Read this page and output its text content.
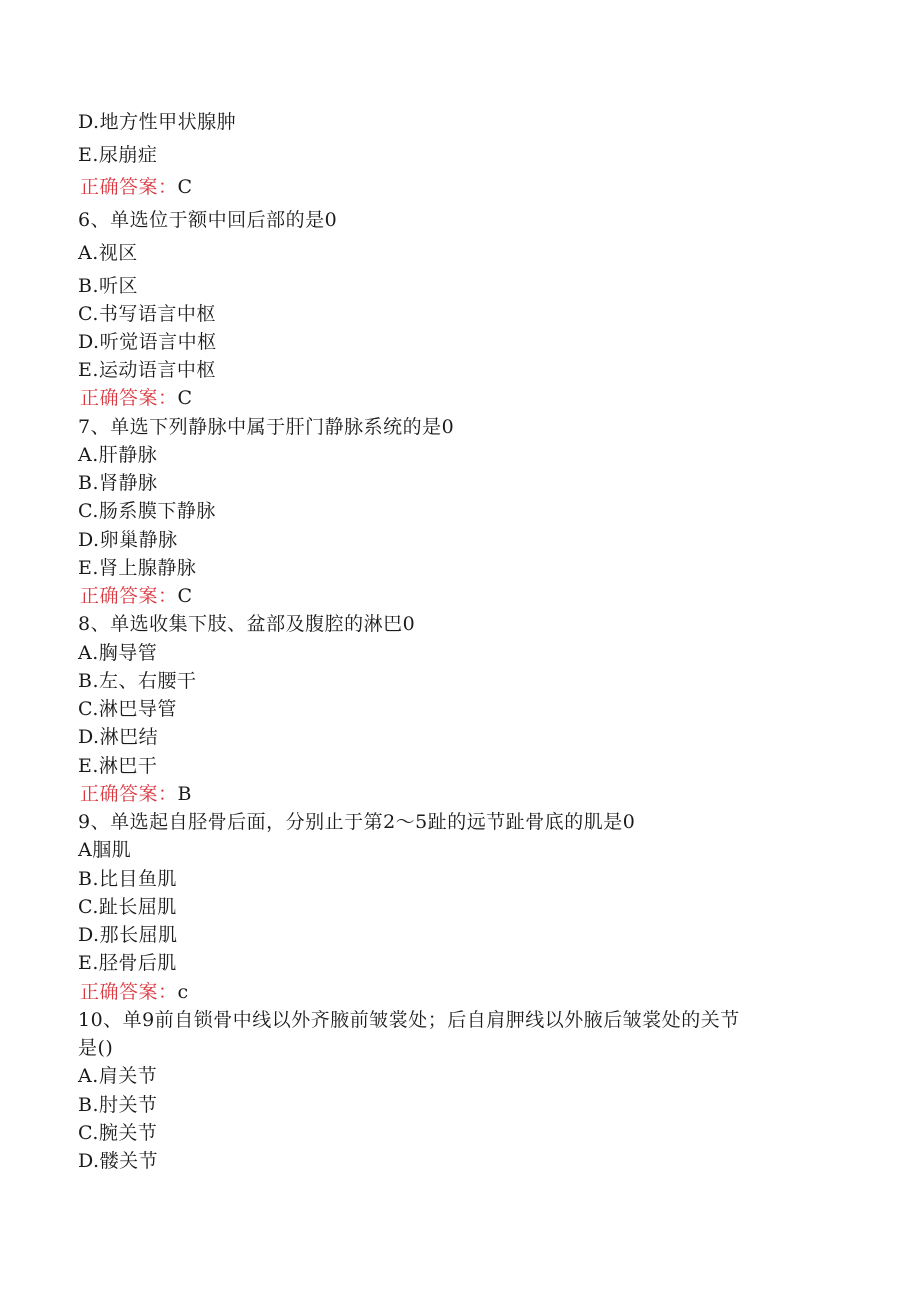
D.地方性甲状腺肿
E.尿崩症
正确答案：C
6、单选位于额中回后部的是0
A.视区
B.听区
C.书写语言中枢
D.听觉语言中枢
E.运动语言中枢
正确答案：C
7、单选下列静脉中属于肝门静脉系统的是0
A.肝静脉
B.肾静脉
C.肠系膜下静脉
D.卵巢静脉
E.肾上腺静脉
正确答案：C
8、单选收集下肢、盆部及腹腔的淋巴0
A.胸导管
B.左、右腰干
C.淋巴导管
D.淋巴结
E.淋巴干
正确答案：B
9、单选起自胫骨后面，分别止于第2～5趾的远节趾骨底的肌是0
A腘肌
B.比目鱼肌
C.趾长屈肌
D.那长屈肌
E.胫骨后肌
正确答案：c
10、单9前自锁骨中线以外齐腋前皱裳处；后自肩胛线以外腋后皱裳处的关节
是()
A.肩关节
B.肘关节
C.腕关节
D.髅关节
